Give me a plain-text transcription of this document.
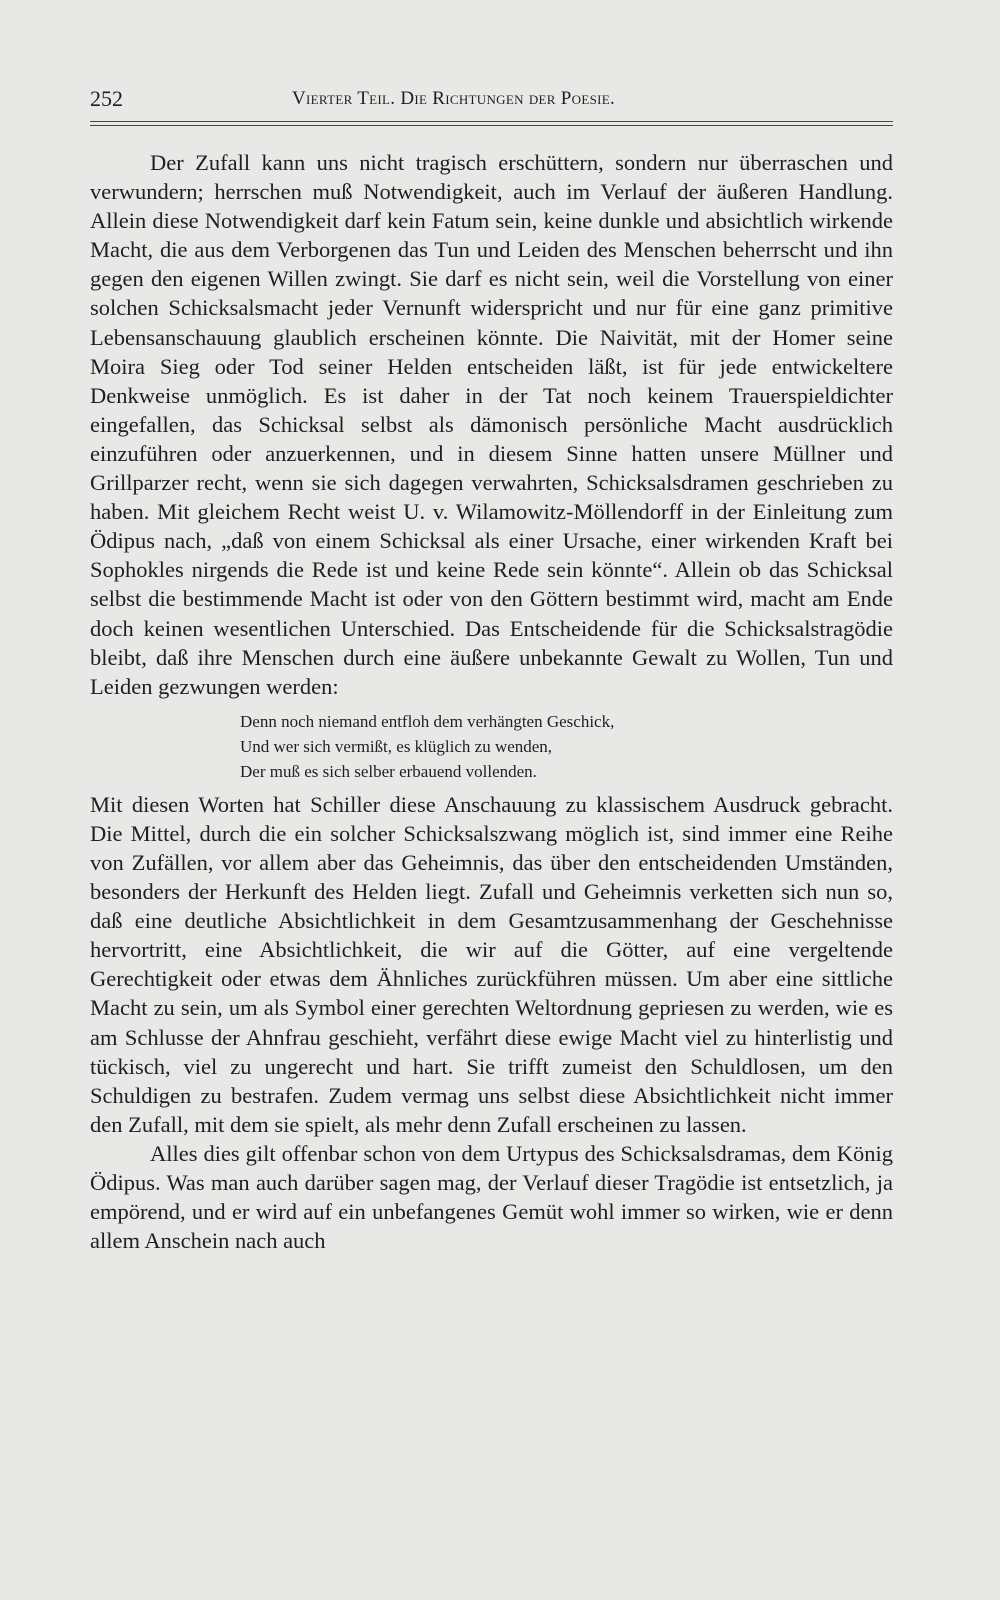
252	Vierter Teil. Die Richtungen der Poesie.

Der Zufall kann uns nicht tragisch erschüttern, sondern nur überraschen und verwundern; herrschen muß Notwendigkeit, auch im Verlauf der äußeren Handlung. Allein diese Notwendigkeit darf kein Fatum sein, keine dunkle und absichtlich wirkende Macht, die aus dem Verborgenen das Tun und Leiden des Menschen beherrscht und ihn gegen den eigenen Willen zwingt. Sie darf es nicht sein, weil die Vorstellung von einer solchen Schicksalsmacht jeder Vernunft widerspricht und nur für eine ganz primitive Lebensanschauung glaublich erscheinen könnte. Die Naivität, mit der Homer seine Moira Sieg oder Tod seiner Helden entscheiden läßt, ist für jede entwickeltere Denkweise unmöglich. Es ist daher in der Tat noch keinem Trauerspieldichter eingefallen, das Schicksal selbst als dämonisch persönliche Macht ausdrücklich einzuführen oder anzuerkennen, und in diesem Sinne hatten unsere Müllner und Grillparzer recht, wenn sie sich dagegen verwahrten, Schicksalsdramen geschrieben zu haben. Mit gleichem Recht weist U. v. Wilamowitz-Möllendorff in der Einleitung zum Ödipus nach, „daß von einem Schicksal als einer Ursache, einer wirkenden Kraft bei Sophokles nirgends die Rede ist und keine Rede sein könnte“. Allein ob das Schicksal selbst die bestimmende Macht ist oder von den Göttern bestimmt wird, macht am Ende doch keinen wesentlichen Unterschied. Das Entscheidende für die Schicksalstragödie bleibt, daß ihre Menschen durch eine äußere unbekannte Gewalt zu Wollen, Tun und Leiden gezwungen werden:

Denn noch niemand entfloh dem verhängten Geschick,
Und wer sich vermißt, es klüglich zu wenden,
Der muß es sich selber erbauend vollenden.

Mit diesen Worten hat Schiller diese Anschauung zu klassischem Ausdruck gebracht. Die Mittel, durch die ein solcher Schicksalszwang möglich ist, sind immer eine Reihe von Zufällen, vor allem aber das Geheimnis, das über den entscheidenden Umständen, besonders der Herkunft des Helden liegt. Zufall und Geheimnis verketten sich nun so, daß eine deutliche Absichtlichkeit in dem Gesamtzusammenhang der Geschehnisse hervortritt, eine Absichtlichkeit, die wir auf die Götter, auf eine vergeltende Gerechtigkeit oder etwas dem Ähnliches zurückführen müssen. Um aber eine sittliche Macht zu sein, um als Symbol einer gerechten Weltordnung gepriesen zu werden, wie es am Schlusse der Ahnfrau geschieht, verfährt diese ewige Macht viel zu hinterlistig und tückisch, viel zu ungerecht und hart. Sie trifft zumeist den Schuldlosen, um den Schuldigen zu bestrafen. Zudem vermag uns selbst diese Absichtlichkeit nicht immer den Zufall, mit dem sie spielt, als mehr denn Zufall erscheinen zu lassen.

Alles dies gilt offenbar schon von dem Urtypus des Schicksalsdramas, dem König Ödipus. Was man auch darüber sagen mag, der Verlauf dieser Tragödie ist entsetzlich, ja empörend, und er wird auf ein unbefangenes Gemüt wohl immer so wirken, wie er denn allem Anschein nach auch
